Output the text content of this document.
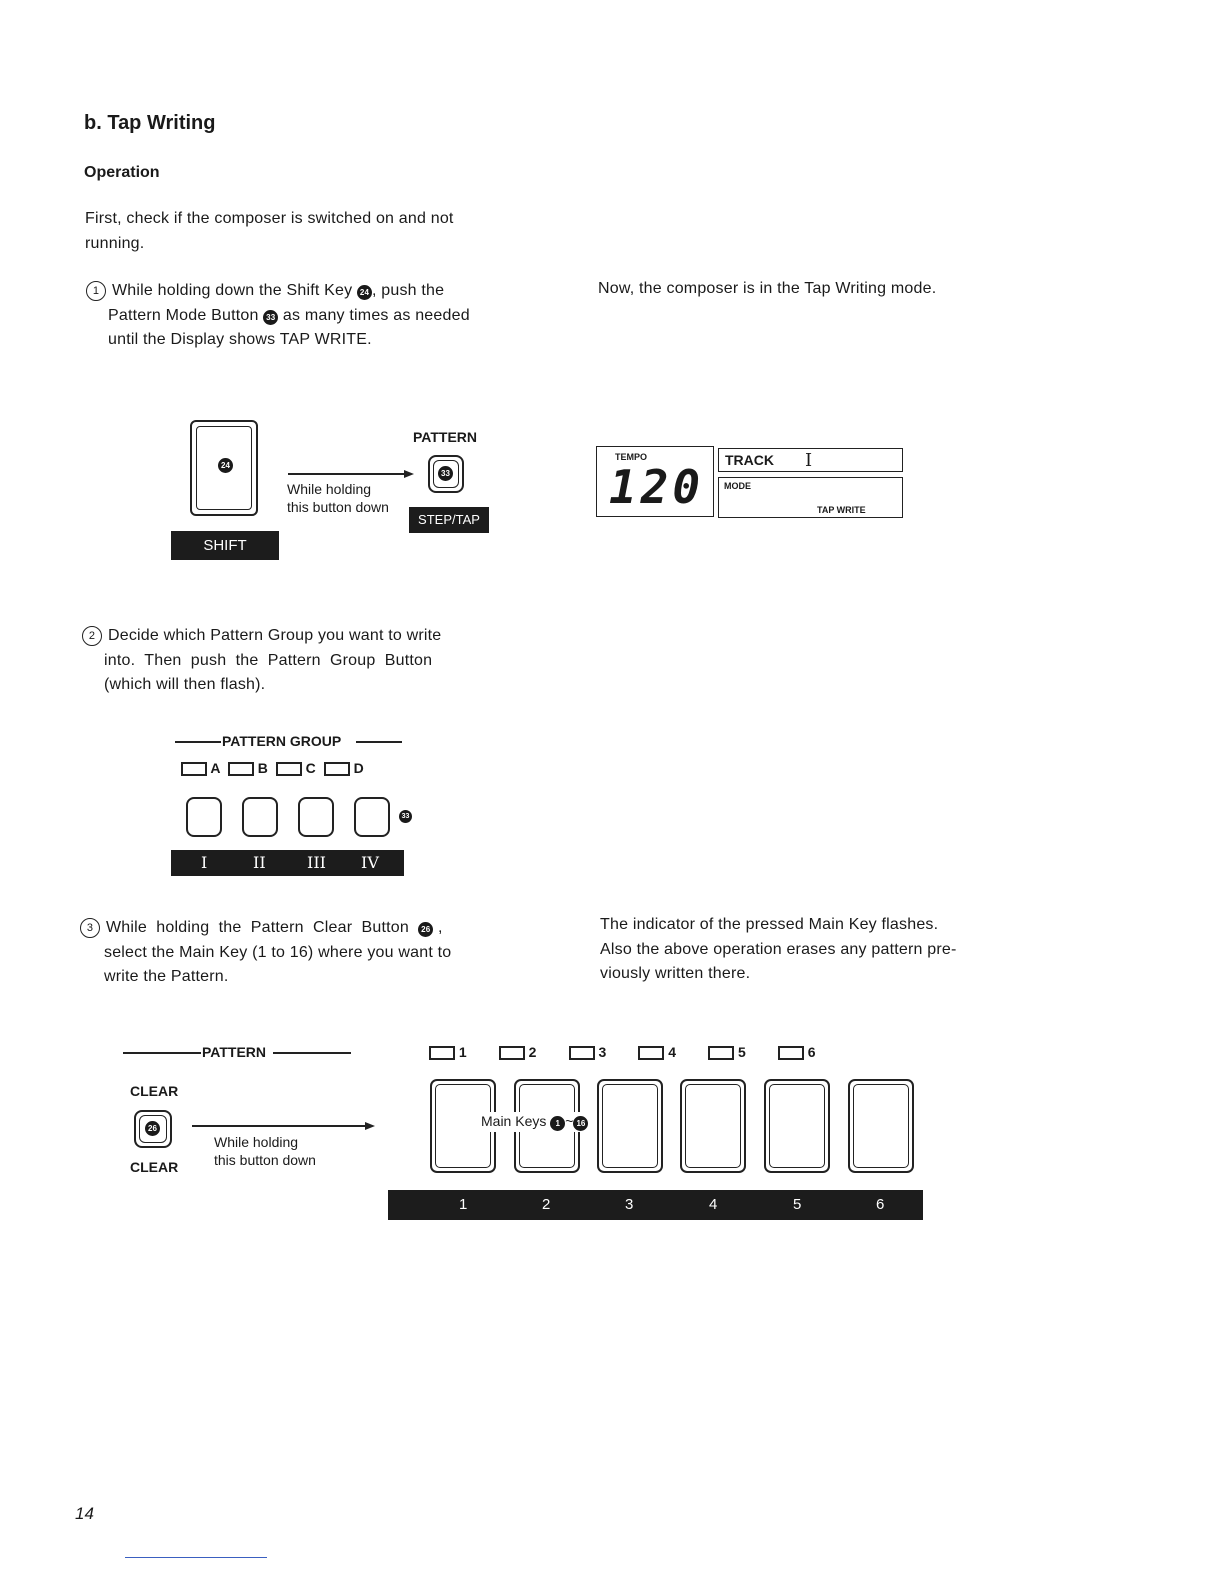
b. Tap Writing
Operation
First, check if the composer is switched on and not
running.
1 While holding down the Shift Key 24 , push the
Pattern Mode Button 33 as many times as needed
until the Display shows TAP WRITE.
Now, the composer is in the Tap Writing mode.
24
SHIFT
While holding
this button down
PATTERN
33
STEP/TAP
TEMPO
120 TRACK I
MODE
TAP WRITE
2 Decide which Pattern Group you want to write
into.  Then  push  the  Pattern  Group  Button
(which will then flash).
PATTERN GROUP
A	B	C	D
33
I	II	III IV
3 While  holding  the  Pattern  Clear  Button 26 ,
select the Main Key (1 to 16) where you want to
write the Pattern.
The indicator of the pressed Main Key flashes.
Also the above operation erases any pattern pre-
viously written there.
PATTERN
CLEAR
26
CLEAR
While holding
this button down
1	2	3	4	5	6
Main Keys 1 ~ 16
1	2	3	4	5	6
14
